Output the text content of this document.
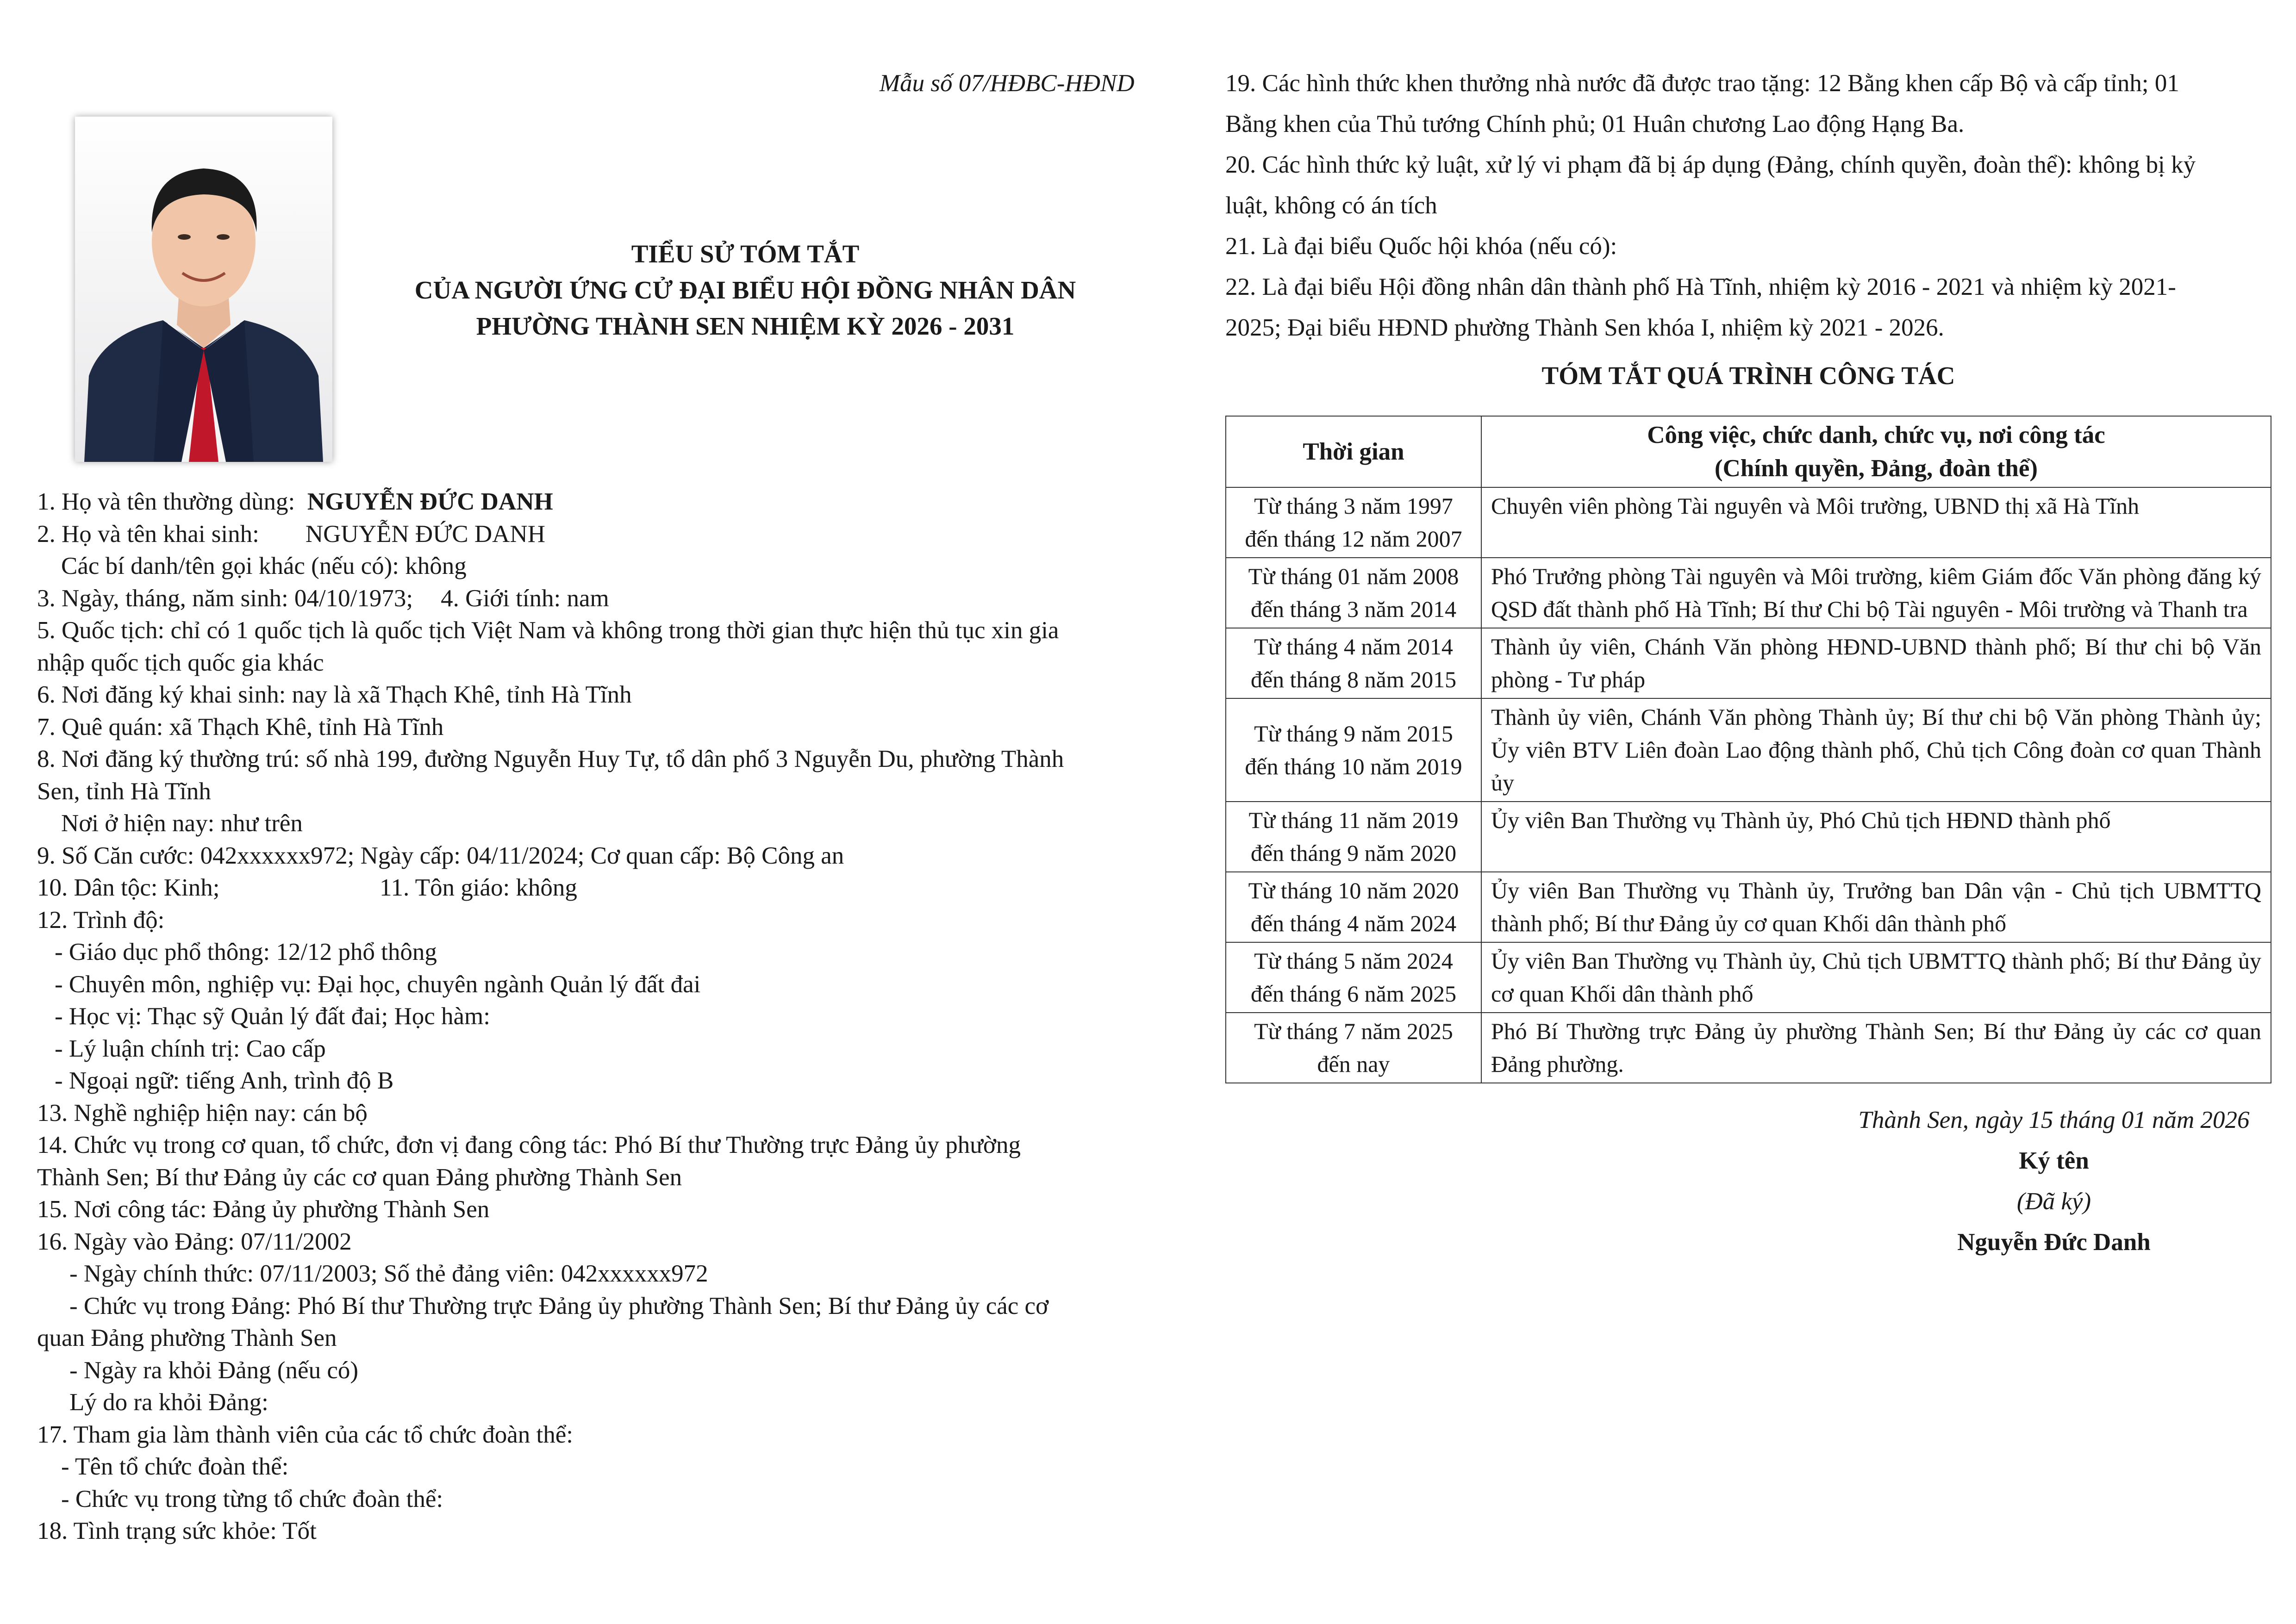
Mẫu số 07/HĐBC-HĐND
TIỂU SỬ TÓM TẮT
CỦA NGƯỜI ỨNG CỬ ĐẠI BIỂU HỘI ĐỒNG NHÂN DÂN
PHƯỜNG THÀNH SEN NHIỆM KỲ 2026 - 2031
1. Họ và tên thường dùng: NGUYỄN ĐỨC DANH
2. Họ và tên khai sinh: NGUYỄN ĐỨC DANH
Các bí danh/tên gọi khác (nếu có): không
3. Ngày, tháng, năm sinh: 04/10/1973; 4. Giới tính: nam
5. Quốc tịch: chỉ có 1 quốc tịch là quốc tịch Việt Nam và không trong thời gian thực hiện thủ tục xin gia
nhập quốc tịch quốc gia khác
6. Nơi đăng ký khai sinh: nay là xã Thạch Khê, tỉnh Hà Tĩnh
7. Quê quán: xã Thạch Khê, tỉnh Hà Tĩnh
8. Nơi đăng ký thường trú: số nhà 199, đường Nguyễn Huy Tự, tổ dân phố 3 Nguyễn Du, phường Thành
Sen, tỉnh Hà Tĩnh
Nơi ở hiện nay: như trên
9. Số Căn cước: 042xxxxxx972; Ngày cấp: 04/11/2024; Cơ quan cấp: Bộ Công an
10. Dân tộc: Kinh;	11. Tôn giáo: không
12. Trình độ:
- Giáo dục phổ thông: 12/12 phổ thông
- Chuyên môn, nghiệp vụ: Đại học, chuyên ngành Quản lý đất đai
- Học vị: Thạc sỹ Quản lý đất đai; Học hàm:
- Lý luận chính trị: Cao cấp
- Ngoại ngữ: tiếng Anh, trình độ B
13. Nghề nghiệp hiện nay: cán bộ
14. Chức vụ trong cơ quan, tổ chức, đơn vị đang công tác: Phó Bí thư Thường trực Đảng ủy phường
Thành Sen; Bí thư Đảng ủy các cơ quan Đảng phường Thành Sen
15. Nơi công tác: Đảng ủy phường Thành Sen
16. Ngày vào Đảng: 07/11/2002
- Ngày chính thức: 07/11/2003; Số thẻ đảng viên: 042xxxxxx972
- Chức vụ trong Đảng: Phó Bí thư Thường trực Đảng ủy phường Thành Sen; Bí thư Đảng ủy các cơ
quan Đảng phường Thành Sen
- Ngày ra khỏi Đảng (nếu có)
Lý do ra khỏi Đảng:
17. Tham gia làm thành viên của các tổ chức đoàn thể:
- Tên tổ chức đoàn thể:
- Chức vụ trong từng tổ chức đoàn thể:
18. Tình trạng sức khỏe: Tốt
19. Các hình thức khen thưởng nhà nước đã được trao tặng: 12 Bằng khen cấp Bộ và cấp tỉnh; 01
Bằng khen của Thủ tướng Chính phủ; 01 Huân chương Lao động Hạng Ba.
20. Các hình thức kỷ luật, xử lý vi phạm đã bị áp dụng (Đảng, chính quyền, đoàn thể): không bị kỷ
luật, không có án tích
21. Là đại biểu Quốc hội khóa (nếu có):
22. Là đại biểu Hội đồng nhân dân thành phố Hà Tĩnh, nhiệm kỳ 2016 - 2021 và nhiệm kỳ 2021-
2025; Đại biểu HĐND phường Thành Sen khóa I, nhiệm kỳ 2021 - 2026.
TÓM TẮT QUÁ TRÌNH CÔNG TÁC
Thời gian	Công việc, chức danh, chức vụ, nơi công tác
(Chính quyền, Đảng, đoàn thể)

Từ tháng 3 năm 1997
đến tháng 12 năm 2007	Chuyên viên phòng Tài nguyên và Môi trường, UBND thị xã Hà Tĩnh

Từ tháng 01 năm 2008
đến tháng 3 năm 2014	Phó Trưởng phòng Tài nguyên và Môi trường, kiêm Giám đốc Văn phòng đăng ký QSD đất thành phố Hà Tĩnh; Bí thư Chi bộ Tài nguyên - Môi trường và Thanh tra

Từ tháng 4 năm 2014
đến tháng 8 năm 2015	Thành ủy viên, Chánh Văn phòng HĐND-UBND thành phố; Bí thư chi bộ Văn phòng - Tư pháp

Từ tháng 9 năm 2015
đến tháng 10 năm 2019	Thành ủy viên, Chánh Văn phòng Thành ủy; Bí thư chi bộ Văn phòng Thành ủy; Ủy viên BTV Liên đoàn Lao động thành phố, Chủ tịch Công đoàn cơ quan Thành ủy

Từ tháng 11 năm 2019
đến tháng 9 năm 2020	Ủy viên Ban Thường vụ Thành ủy, Phó Chủ tịch HĐND thành phố

Từ tháng 10 năm 2020
đến tháng 4 năm 2024	Ủy viên Ban Thường vụ Thành ủy, Trưởng ban Dân vận - Chủ tịch UBMTTQ thành phố; Bí thư Đảng ủy cơ quan Khối dân thành phố

Từ tháng 5 năm 2024
đến tháng 6 năm 2025	Ủy viên Ban Thường vụ Thành ủy, Chủ tịch UBMTTQ thành phố; Bí thư Đảng ủy cơ quan Khối dân thành phố

Từ tháng 7 năm 2025
đến nay	Phó Bí Thường trực Đảng ủy phường Thành Sen; Bí thư Đảng ủy các cơ quan Đảng phường.
Thành Sen, ngày 15 tháng 01 năm 2026
Ký tên
(Đã ký)
Nguyễn Đức Danh
